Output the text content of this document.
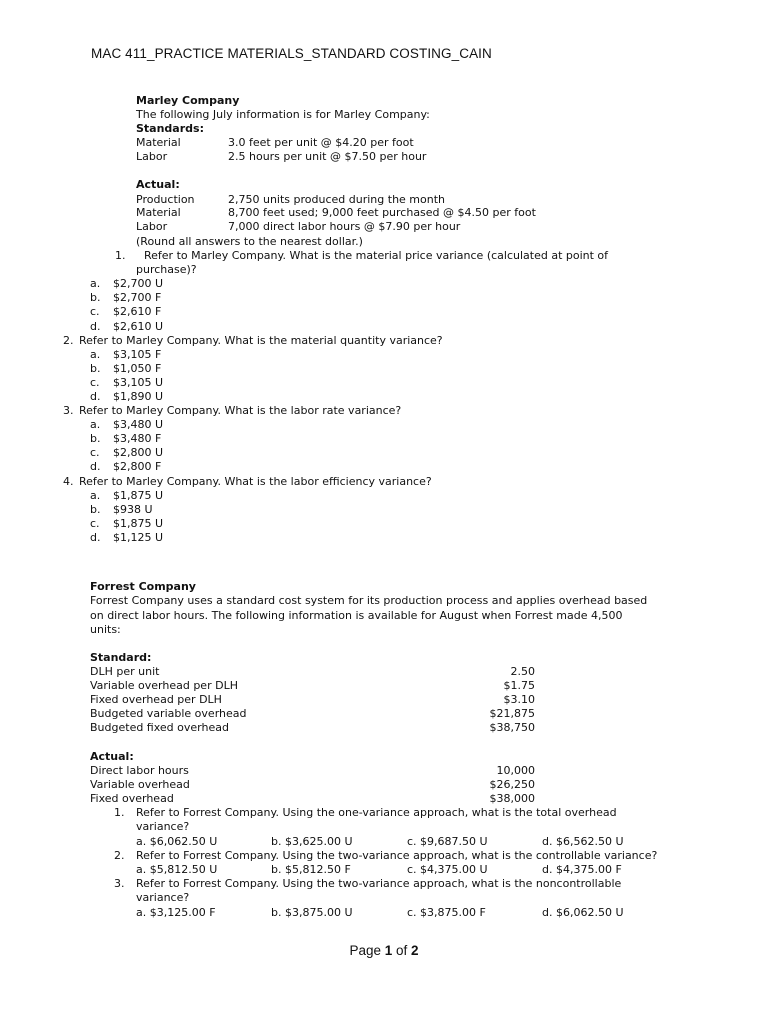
MAC 411_PRACTICE MATERIALS_STANDARD COSTING_CAIN
Marley Company
The following July information is for Marley Company:
Standards:
Material	3.0 feet per unit @ $4.20 per foot
Labor	2.5 hours per unit @ $7.50 per hour
Actual:
Production	2,750 units produced during the month
Material	8,700 feet used; 9,000 feet purchased @ $4.50 per foot
Labor	7,000 direct labor hours @ $7.90 per hour
(Round all answers to the nearest dollar.)
1. Refer to Marley Company. What is the material price variance (calculated at point of
purchase)?
a. $2,700 U
b. $2,700 F
c. $2,610 F
d. $2,610 U
2. Refer to Marley Company. What is the material quantity variance?
a. $3,105 F
b. $1,050 F
c. $3,105 U
d. $1,890 U
3. Refer to Marley Company. What is the labor rate variance?
a. $3,480 U
b. $3,480 F
c. $2,800 U
d. $2,800 F
4. Refer to Marley Company. What is the labor efficiency variance?
a. $1,875 U
b. $938 U
c. $1,875 U
d. $1,125 U
Forrest Company
Forrest Company uses a standard cost system for its production process and applies overhead based
on direct labor hours. The following information is available for August when Forrest made 4,500
units:
Standard:
DLH per unit	2.50
Variable overhead per DLH	$1.75
Fixed overhead per DLH	$3.10
Budgeted variable overhead	$21,875
Budgeted fixed overhead	$38,750
Actual:
Direct labor hours	10,000
Variable overhead	$26,250
Fixed overhead	$38,000
1. Refer to Forrest Company. Using the one-variance approach, what is the total overhead
variance?
a. $6,062.50 U	b. $3,625.00 U	c. $9,687.50 U	d. $6,562.50 U
2. Refer to Forrest Company. Using the two-variance approach, what is the controllable variance?
a. $5,812.50 U	b. $5,812.50 F	c. $4,375.00 U	d. $4,375.00 F
3. Refer to Forrest Company. Using the two-variance approach, what is the noncontrollable
variance?
a. $3,125.00 F	b. $3,875.00 U	c. $3,875.00 F	d. $6,062.50 U
Page 1 of 2
